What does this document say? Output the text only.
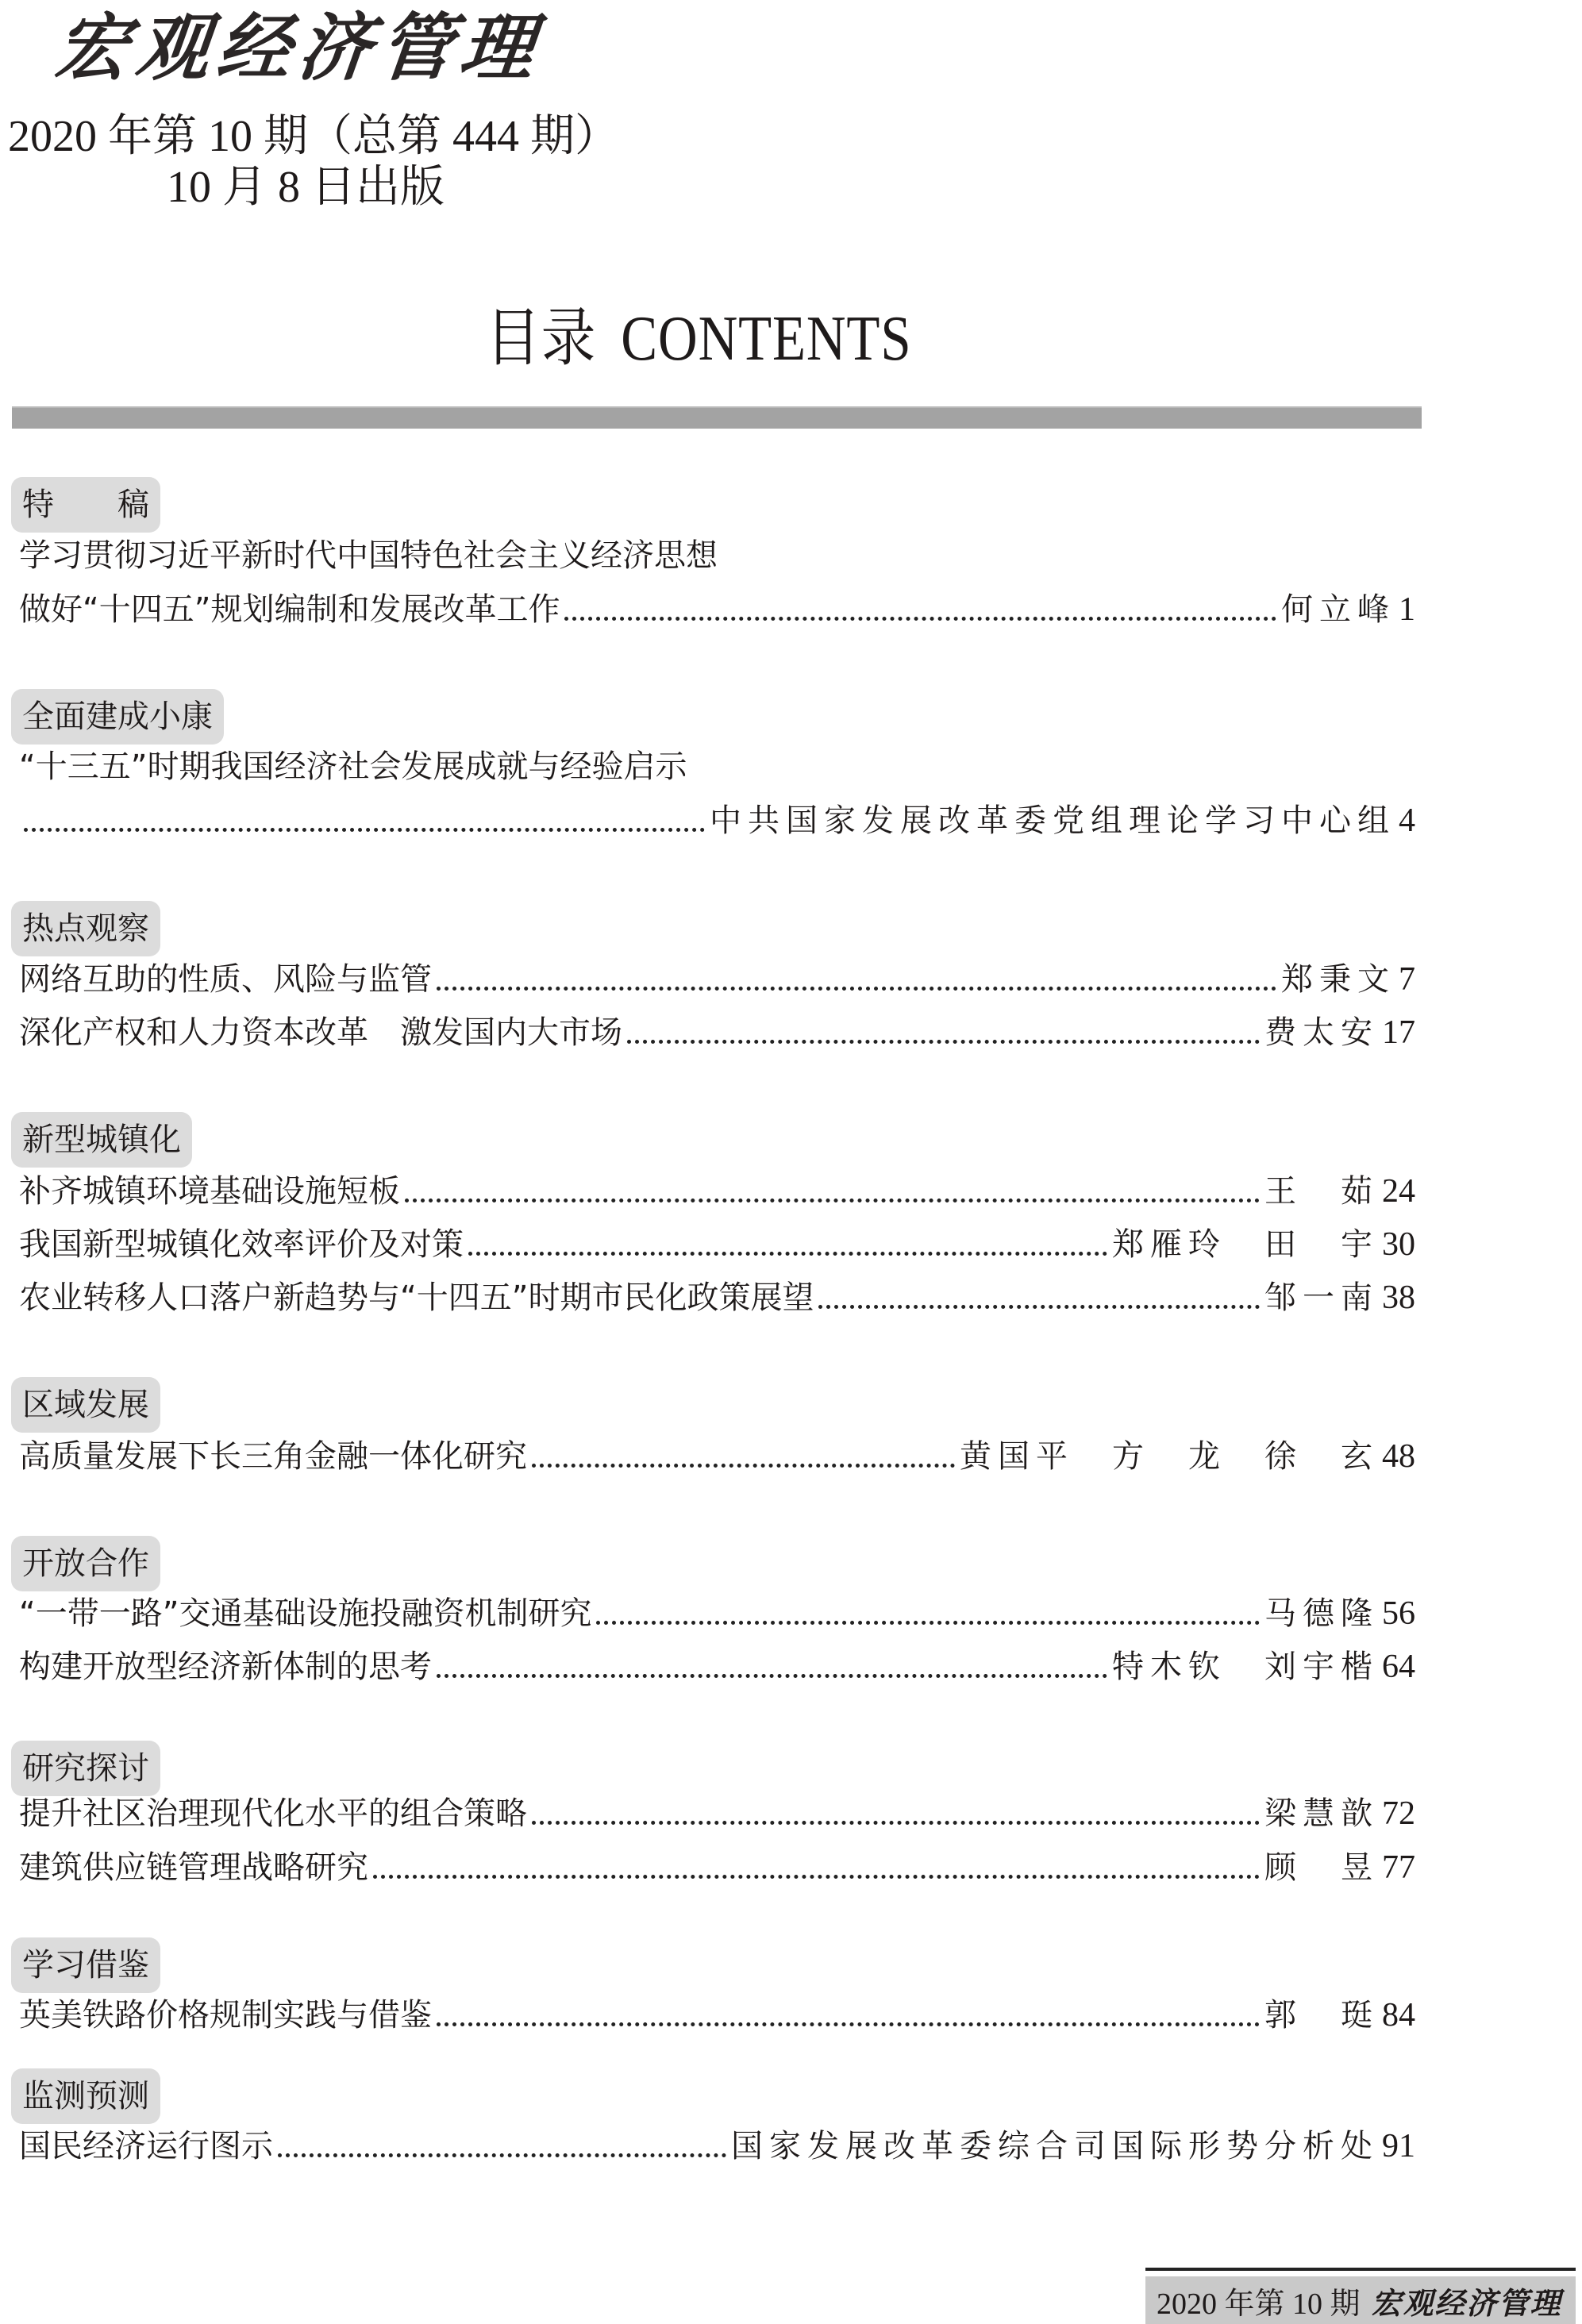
宏观经济管理
2020 年第 10 期（总第 444 期）
10 月 8 日出版
目录 CONTENTS
特　　稿
学习贯彻习近平新时代中国特色社会主义经济思想
做好“十四五”规划编制和发展改革工作	何立峰 1
全面建成小康
“十三五”时期我国经济社会发展成就与经验启示
中共国家发展改革委党组理论学习中心组 4
热点观察
网络互助的性质、风险与监管	郑秉文 7
深化产权和人力资本改革　激发国内大市场	费太安 17
新型城镇化
补齐城镇环境基础设施短板	王　茹 24
我国新型城镇化效率评价及对策	郑雁玲　田　宇 30
农业转移人口落户新趋势与“十四五”时期市民化政策展望	邹一南 38
区域发展
高质量发展下长三角金融一体化研究	黄国平　方　龙　徐　玄 48
开放合作
“一带一路”交通基础设施投融资机制研究	马德隆 56
构建开放型经济新体制的思考	特木钦　刘宇楷 64
研究探讨
提升社区治理现代化水平的组合策略	梁慧歆 72
建筑供应链管理战略研究	顾　昱 77
学习借鉴
英美铁路价格规制实践与借鉴	郭　珽 84
监测预测
国民经济运行图示	国家发展改革委综合司国际形势分析处 91
2020 年第 10 期 宏观经济管理
